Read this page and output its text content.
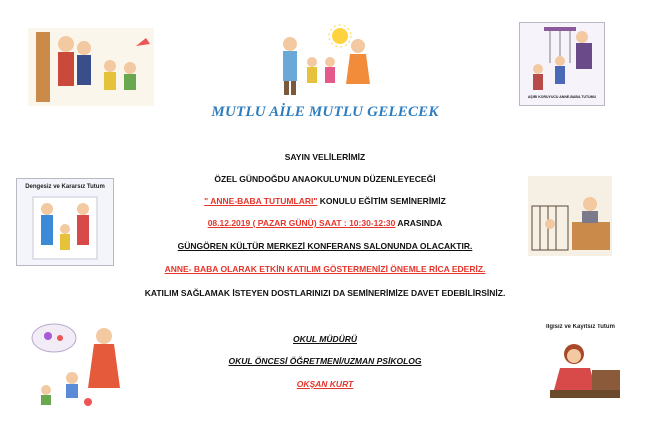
AŞIRI KORUYUCU ANNE-BABA TUTUMU
MUTLU AİLE MUTLU GELECEK
SAYIN VELİLERİMİZ
ÖZEL GÜNDOĞDU ANAOKULU'NUN DÜZENLEYECEĞİ
" ANNE-BABA TUTUMLARI" KONULU EĞİTİM SEMİNERİMİZ
08.12.2019 ( PAZAR GÜNÜ) SAAT : 10:30-12:30 ARASINDA
GÜNGÖREN KÜLTÜR MERKEZİ KONFERANS SALONUNDA OLACAKTIR.
ANNE- BABA OLARAK ETKİN KATILIM GÖSTERMENİZİ ÖNEMLE RİCA EDERİZ.
KATILIM SAĞLAMAK İSTEYEN DOSTLARINIZI DA SEMİNERİMİZE DAVET EDEBİLİRSİNİZ.
Dengesiz ve Kararsız Tutum
OKUL MÜDÜRÜ
OKUL ÖNCESİ ÖĞRETMENİ/UZMAN PSİKOLOG
OKŞAN KURT
İlgisiz ve Kayıtsız Tutum
